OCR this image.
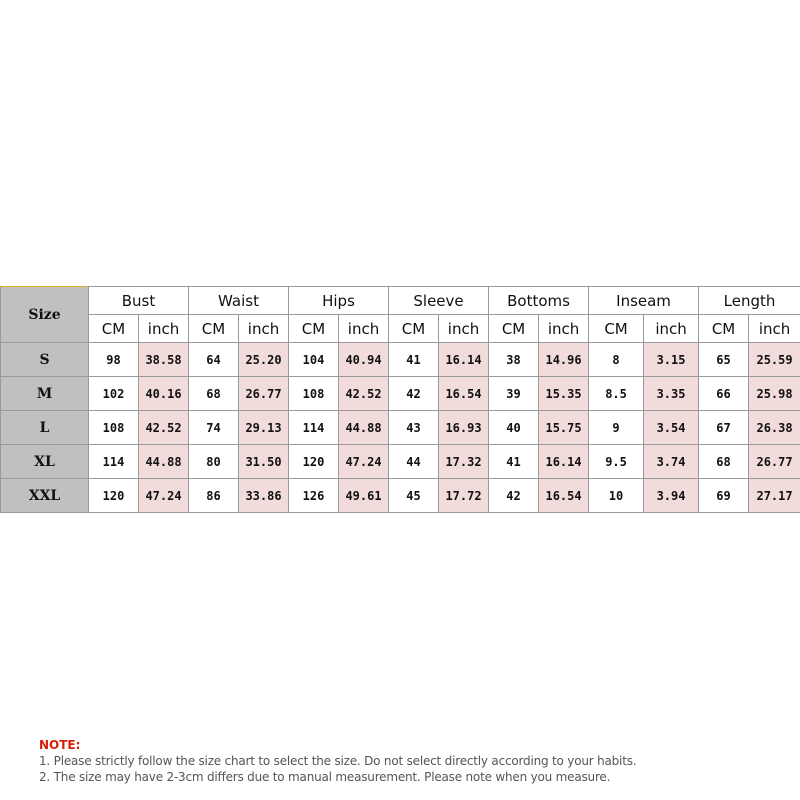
Size	Bust		Waist		Hips		Sleeve		Bottoms		Inseam		Length	
	CM	inch	CM	inch	CM	inch	CM	inch	CM	inch	CM	inch	CM	inch
S	98	38.58	64	25.20	104	40.94	41	16.14	38	14.96	8	3.15	65	25.59
M	102	40.16	68	26.77	108	42.52	42	16.54	39	15.35	8.5	3.35	66	25.98
L	108	42.52	74	29.13	114	44.88	43	16.93	40	15.75	9	3.54	67	26.38
XL	114	44.88	80	31.50	120	47.24	44	17.32	41	16.14	9.5	3.74	68	26.77
XXL	120	47.24	86	33.86	126	49.61	45	17.72	42	16.54	10	3.94	69	27.17
NOTE:
1. Please strictly follow the size chart to select the size. Do not select directly according to your habits.
2. The size may have 2-3cm differs due to manual measurement. Please note when you measure.
